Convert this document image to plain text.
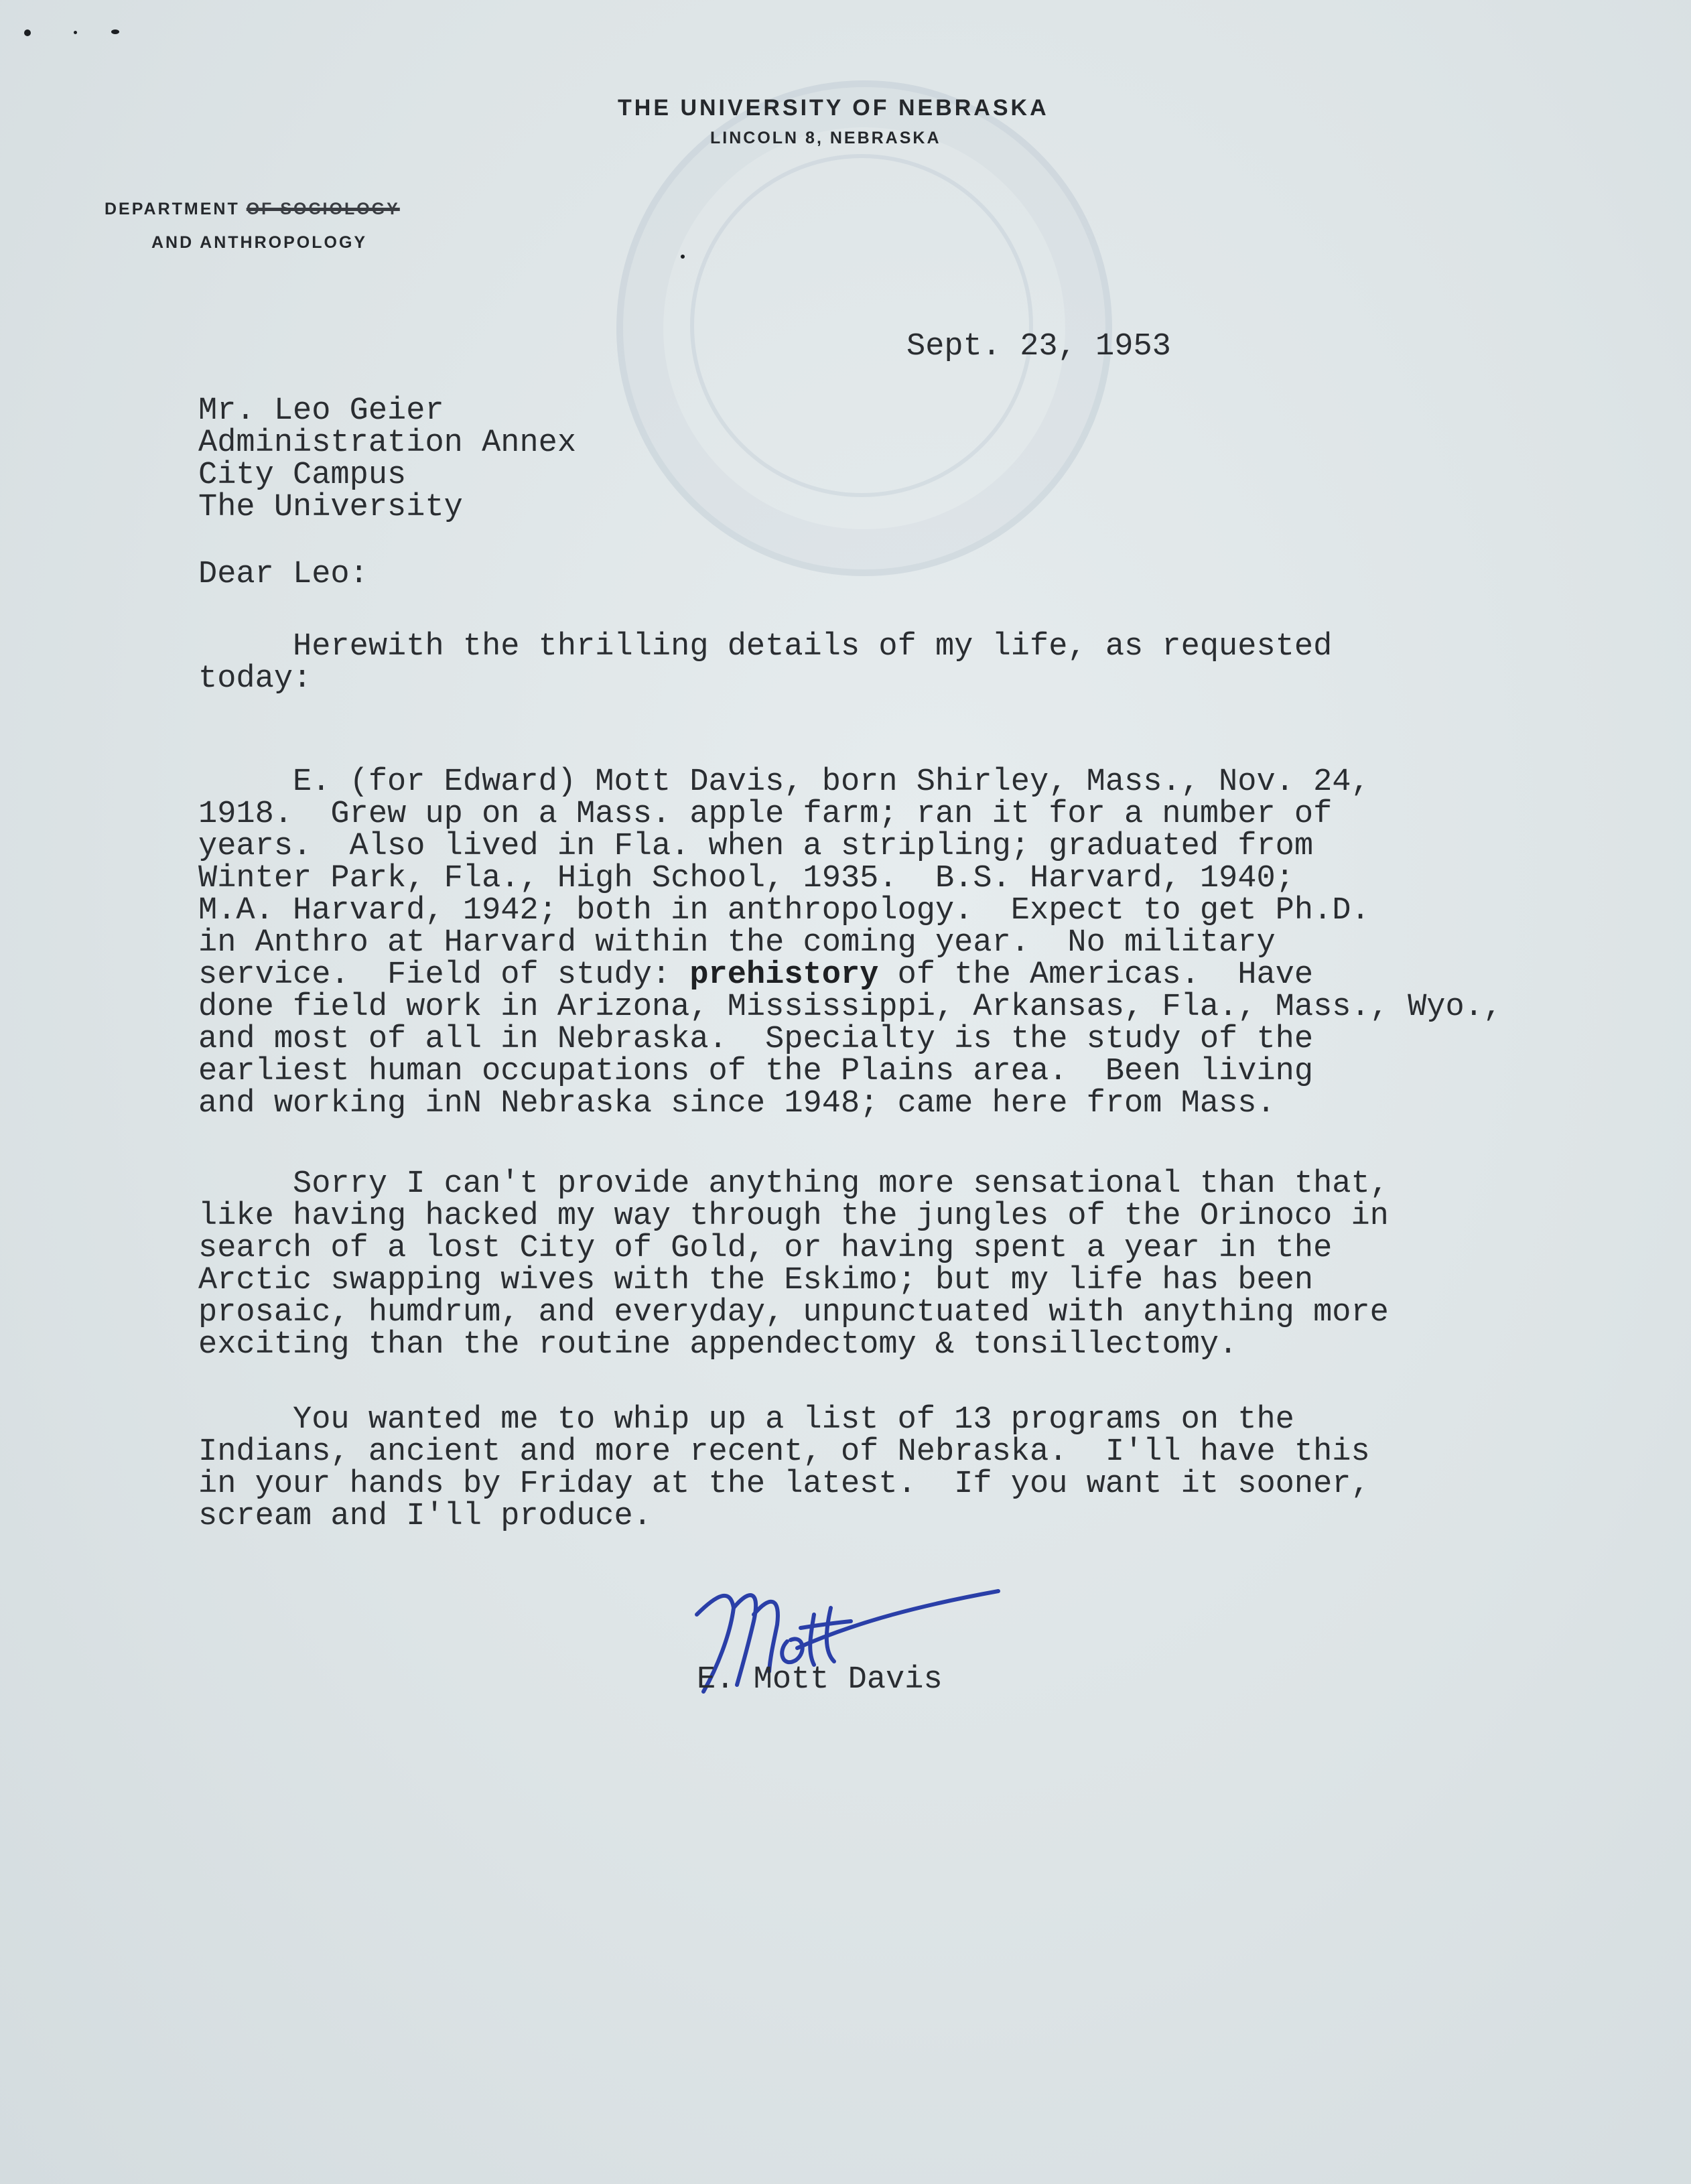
THE UNIVERSITY OF NEBRASKA
LINCOLN 8, NEBRASKA
DEPARTMENT OF SOCIOLOGY
AND ANTHROPOLOGY
Sept. 23, 1953
Mr. Leo Geier
Administration Annex
City Campus
The University
Dear Leo:
Herewith the thrilling details of my life, as requested
today:
E. (for Edward) Mott Davis, born Shirley, Mass., Nov. 24,
1918.  Grew up on a Mass. apple farm; ran it for a number of
years.  Also lived in Fla. when a stripling; graduated from
Winter Park, Fla., High School, 1935.  B.S. Harvard, 1940;
M.A. Harvard, 1942; both in anthropology.  Expect to get Ph.D.
in Anthro at Harvard within the coming year.  No military
service.  Field of study: prehistory of the Americas.  Have
done field work in Arizona, Mississippi, Arkansas, Fla., Mass., Wyo.,
and most of all in Nebraska.  Specialty is the study of the
earliest human occupations of the Plains area.  Been living
and working inN Nebraska since 1948; came here from Mass.
Sorry I can't provide anything more sensational than that,
like having hacked my way through the jungles of the Orinoco in
search of a lost City of Gold, or having spent a year in the
Arctic swapping wives with the Eskimo; but my life has been
prosaic, humdrum, and everyday, unpunctuated with anything more
exciting than the routine appendectomy & tonsillectomy.
You wanted me to whip up a list of 13 programs on the
Indians, ancient and more recent, of Nebraska.  I'll have this
in your hands by Friday at the latest.  If you want it sooner,
scream and I'll produce.
E. Mott Davis
